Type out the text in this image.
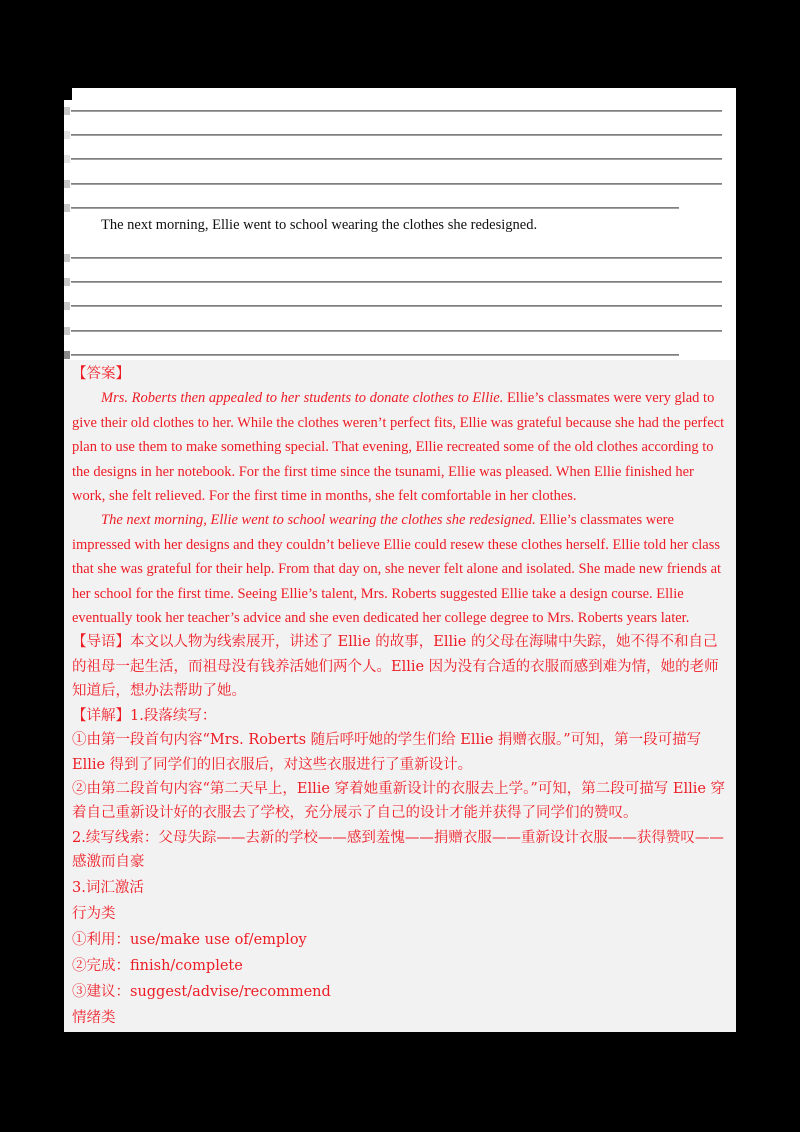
The next morning, Ellie went to school wearing the clothes she redesigned.

【答案】

Mrs. Roberts then appealed to her students to donate clothes to Ellie. Ellie’s classmates were very glad to give their old clothes to her. While the clothes weren’t perfect fits, Ellie was grateful because she had the perfect plan to use them to make something special. That evening, Ellie recreated some of the old clothes according to the designs in her notebook. For the first time since the tsunami, Ellie was pleased. When Ellie finished her work, she felt relieved. For the first time in months, she felt comfortable in her clothes.

The next morning, Ellie went to school wearing the clothes she redesigned. Ellie’s classmates were impressed with her designs and they couldn’t believe Ellie could resew these clothes herself. Ellie told her class that she was grateful for their help. From that day on, she never felt alone and isolated. She made new friends at her school for the first time. Seeing Ellie’s talent, Mrs. Roberts suggested Ellie take a design course. Ellie eventually took her teacher’s advice and she even dedicated her college degree to Mrs. Roberts years later.

【导语】本文以人物为线索展开，讲述了 Ellie 的故事，Ellie 的父母在海啸中失踪，她不得不和自己的祖母一起生活，而祖母没有钱养活她们两个人。Ellie 因为没有合适的衣服而感到难为情，她的老师知道后，想办法帮助了她。

【详解】1.段落续写：

①由第一段首句内容“Mrs. Roberts 随后呼吁她的学生们给 Ellie 捐赠衣服。”可知，第一段可描写 Ellie 得到了同学们的旧衣服后，对这些衣服进行了重新设计。

②由第二段首句内容“第二天早上，Ellie 穿着她重新设计的衣服去上学。”可知，第二段可描写 Ellie 穿着自己重新设计好的衣服去了学校，充分展示了自己的设计才能并获得了同学们的赞叹。

2.续写线索：父母失踪——去新的学校——感到羞愧——捐赠衣服——重新设计衣服——获得赞叹——感激而自豪

3.词汇激活

行为类

①利用：use/make use of/employ

②完成：finish/complete

③建议：suggest/advise/recommend

情绪类
